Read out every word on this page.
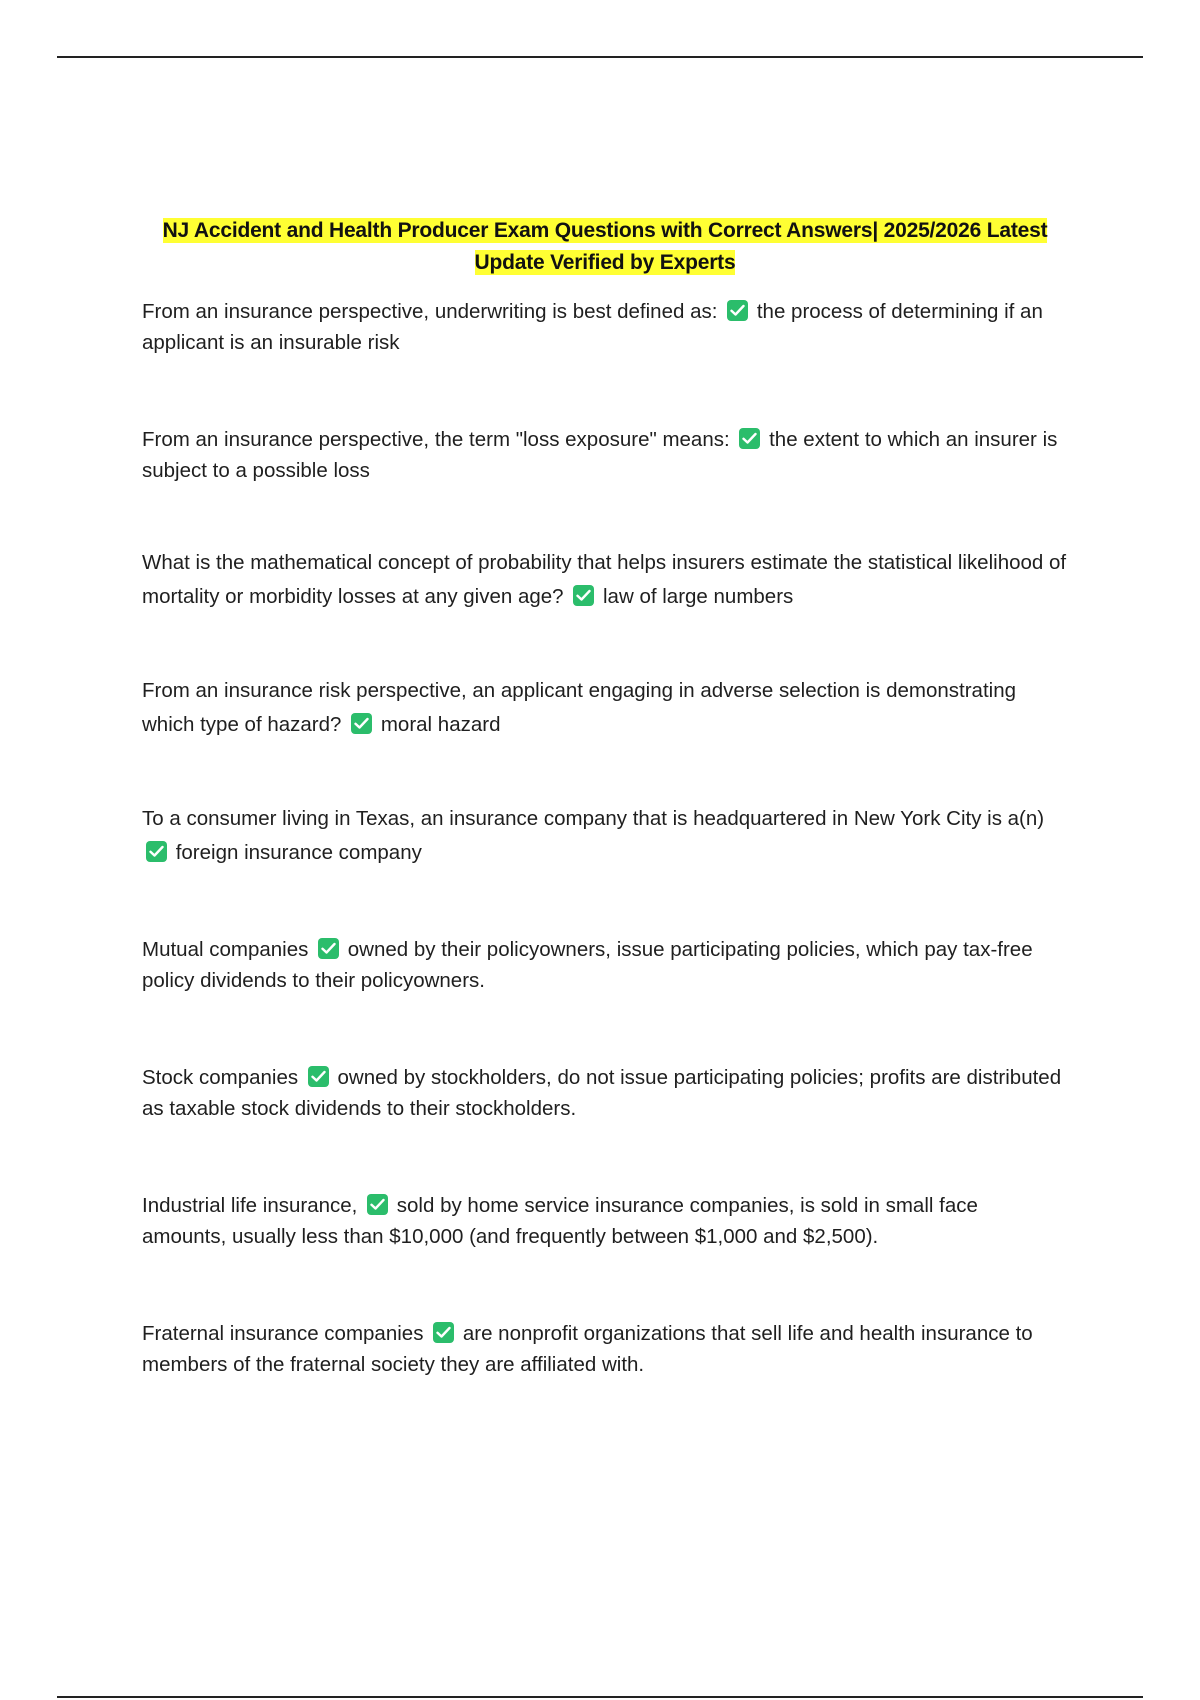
NJ Accident and Health Producer Exam Questions with Correct Answers| 2025/2026 Latest Update Verified by Experts
From an insurance perspective, underwriting is best defined as: the process of determining if an applicant is an insurable risk
From an insurance perspective, the term "loss exposure" means: the extent to which an insurer is subject to a possible loss
What is the mathematical concept of probability that helps insurers estimate the statistical likelihood of mortality or morbidity losses at any given age? law of large numbers
From an insurance risk perspective, an applicant engaging in adverse selection is demonstrating which type of hazard? moral hazard
To a consumer living in Texas, an insurance company that is headquartered in New York City is a(n)
foreign insurance company
Mutual companies owned by their policyowners, issue participating policies, which pay tax-free policy dividends to their policyowners.
Stock companies owned by stockholders, do not issue participating policies; profits are distributed as taxable stock dividends to their stockholders.
Industrial life insurance, sold by home service insurance companies, is sold in small face amounts, usually less than $10,000 (and frequently between $1,000 and $2,500).
Fraternal insurance companies are nonprofit organizations that sell life and health insurance to members of the fraternal society they are affiliated with.
